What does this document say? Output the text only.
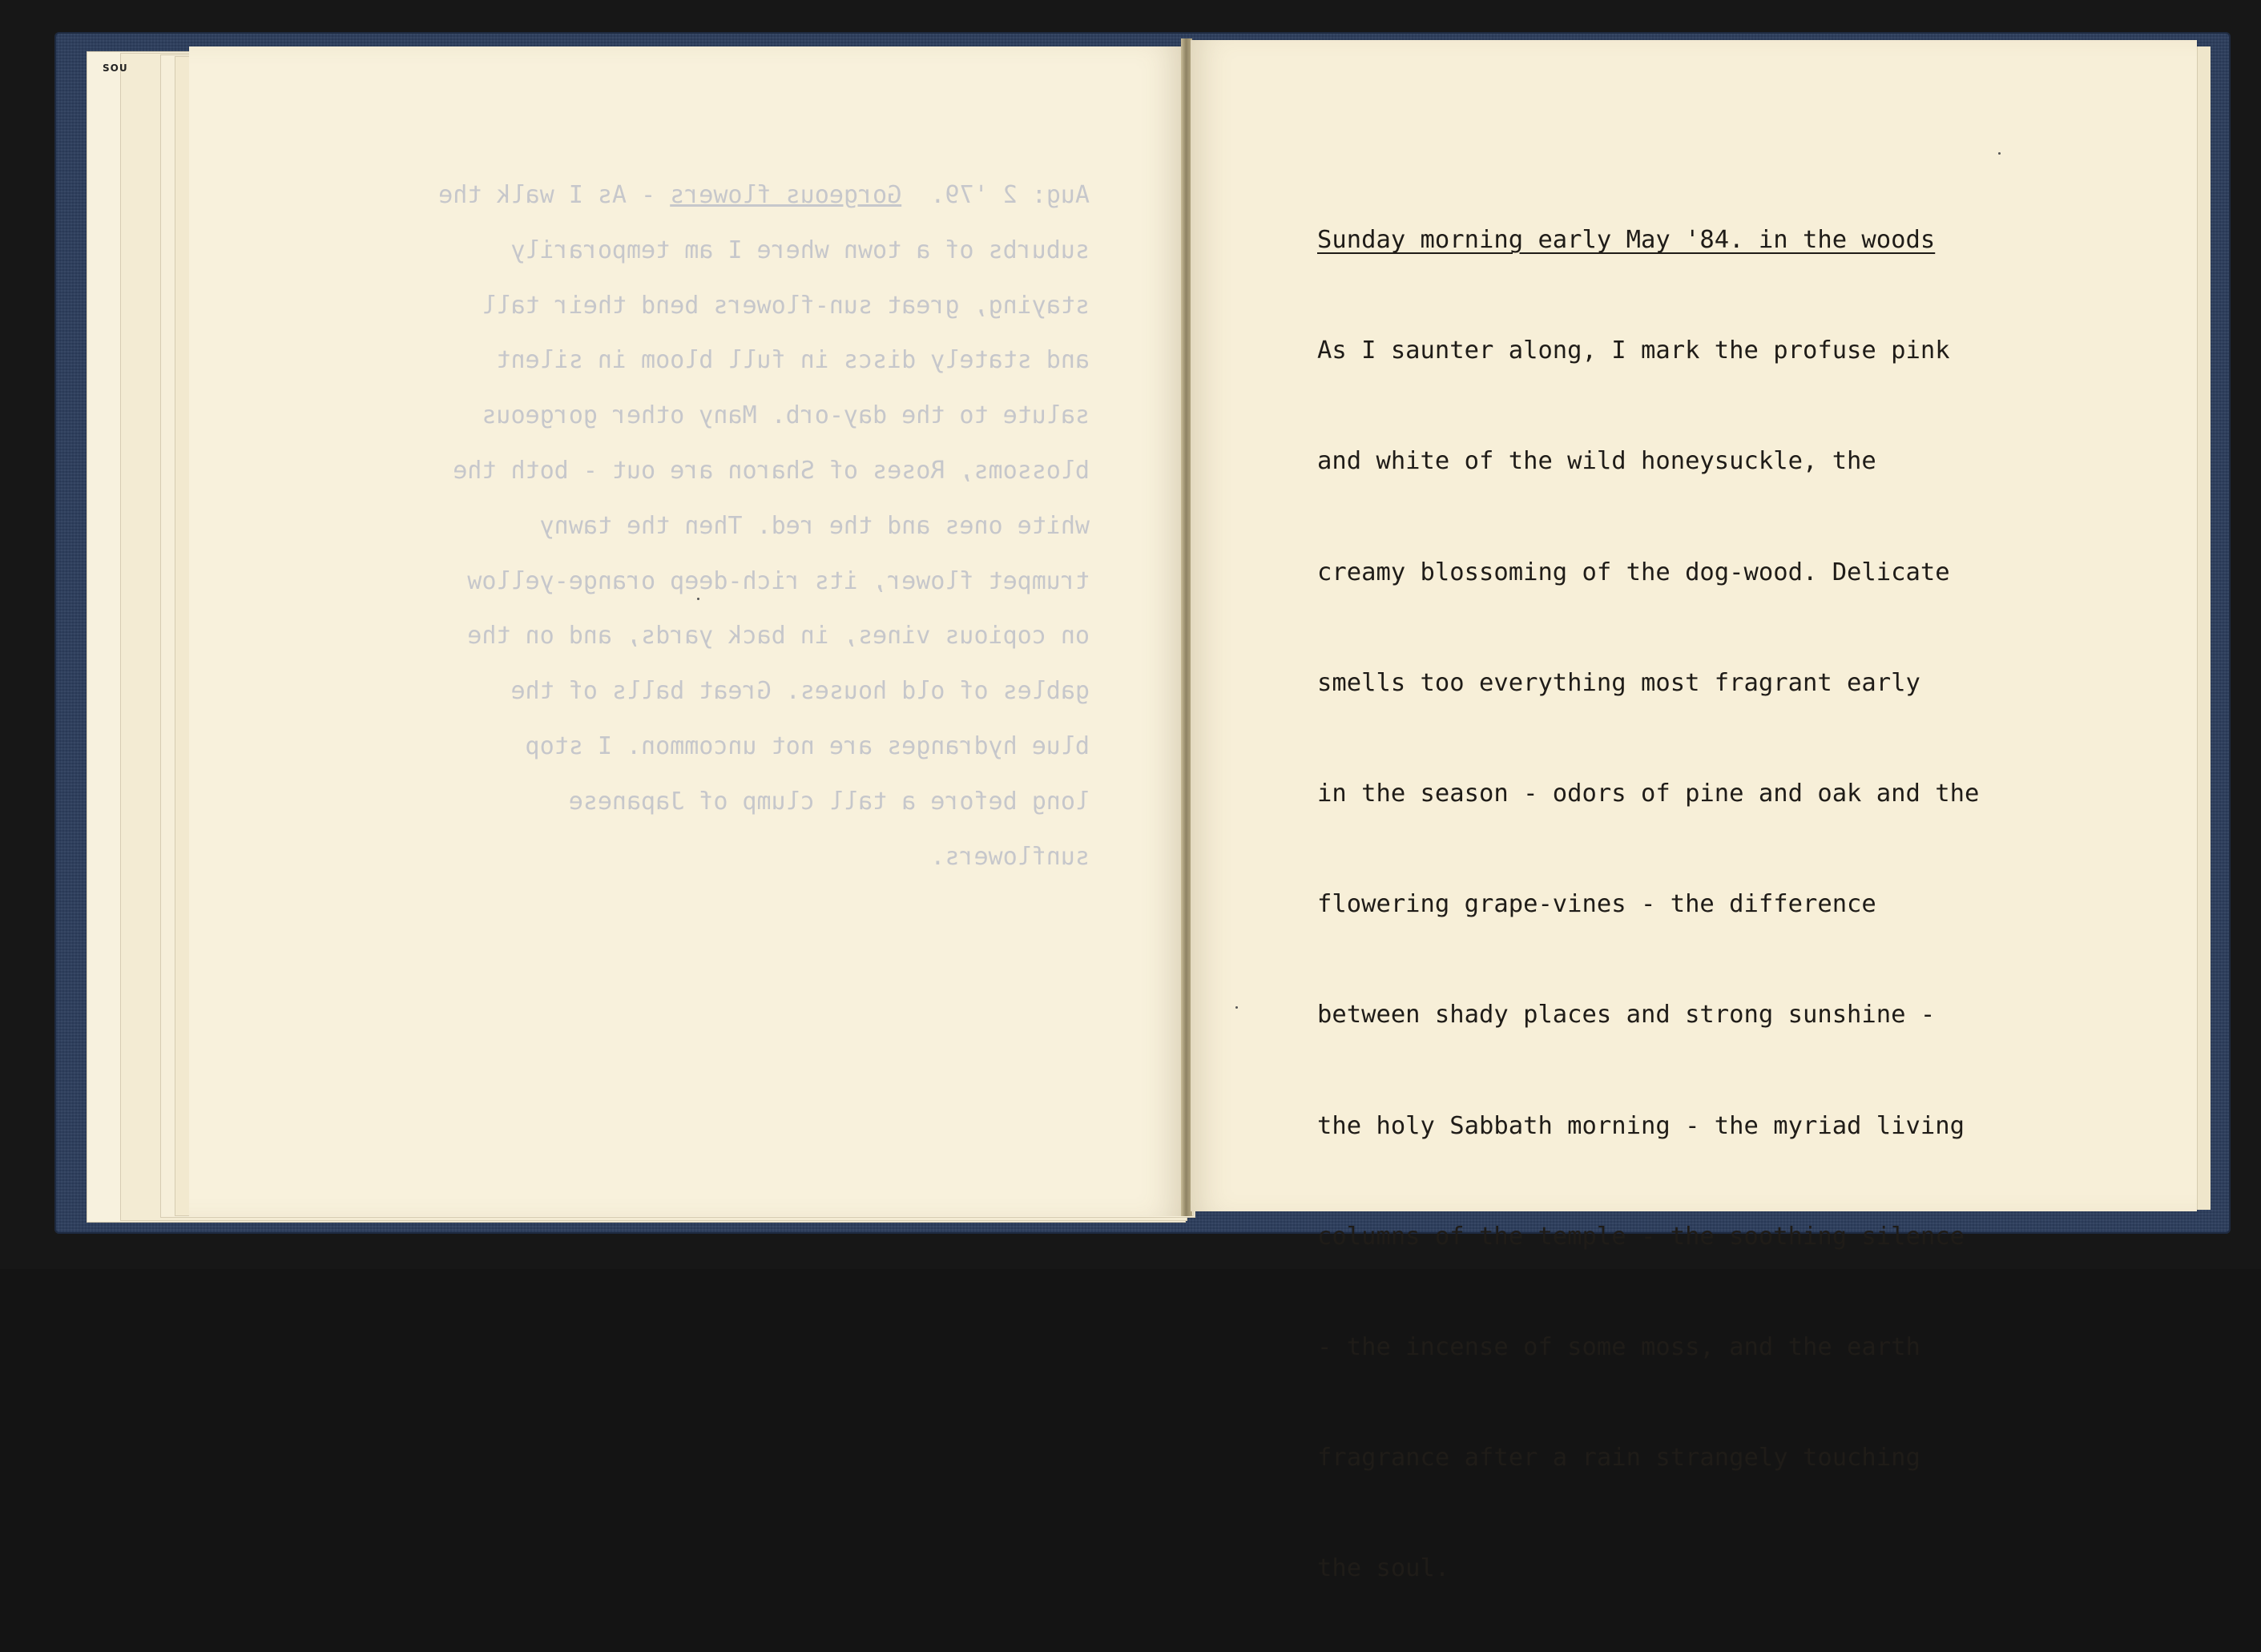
SOU
Aug: 2 '79.  Gorgeous flowers - As I walk the
suburbs of a town where I am temporarily
staying, great sun-flowers bend their tall
and stately discs in full bloom in silent
salute to the day-orb. Many other gorgeous
blossoms, Roses of Sharon are out - both the
white ones and the red. Then the tawny
trumpet flower, its rich-deep orange-yellow
on copious vines, in back yards, and on the
gables of old houses. Great balls of the
blue hydranges are not uncommon. I stop
long before a tall clump of Japanese
sunflowers.

Sunday morning early May '84. in the woods

As I saunter along, I mark the profuse pink

and white of the wild honeysuckle, the

creamy blossoming of the dog-wood. Delicate

smells too everything most fragrant early

in the season - odors of pine and oak and the

flowering grape-vines - the difference

between shady places and strong sunshine -

the holy Sabbath morning - the myriad living

columns of the temple - the soothing silence

- the incense of some moss, and the earth

fragrance after a rain strangely touching

the soul.
